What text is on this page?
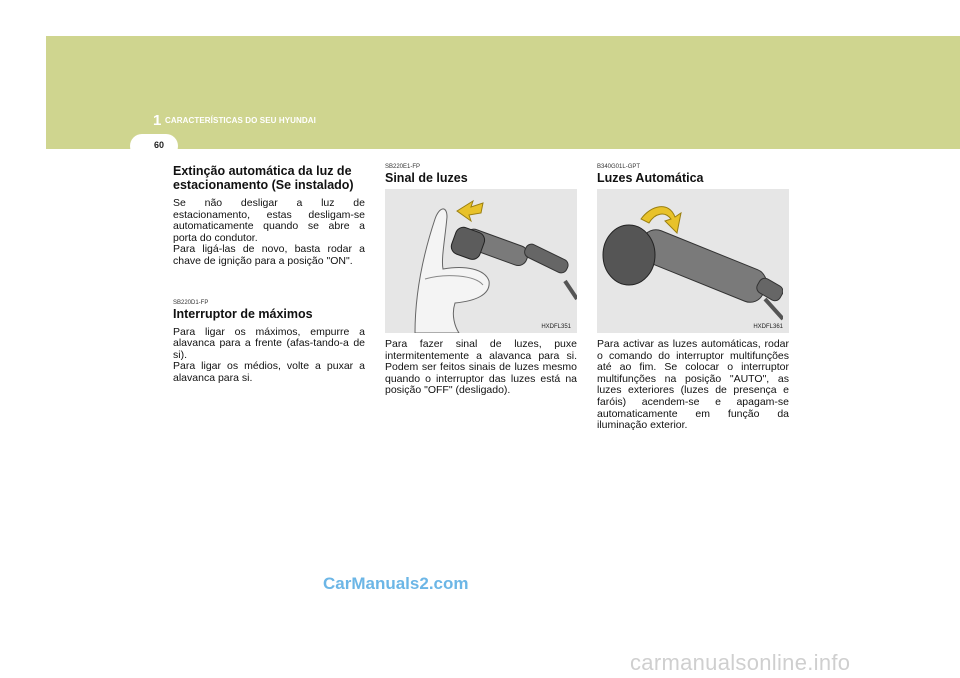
1 CARACTERÍSTICAS DO SEU HYUNDAI
60
Extinção automática da luz de estacionamento (Se instalado)
Se não desligar a luz de estacionamento, estas desligam-se automaticamente quando se abre a porta do condutor.
Para ligá-las de novo, basta rodar a chave de ignição para a posição "ON".
SB220D1-FP
Interruptor de máximos
Para ligar os máximos, empurre a alavanca para a frente (afas-tando-a de si).
Para ligar os médios, volte a puxar a alavanca para si.
SB220E1-FP
Sinal de luzes
HXDFL351
Para fazer sinal de luzes, puxe intermitentemente a alavanca para si. Podem ser feitos sinais de luzes mesmo quando o interruptor das luzes está na posição "OFF" (desligado).
B340G01L-GPT
Luzes Automática
HXDFL361
Para activar as luzes automáticas, rodar o comando do interruptor multifunções até ao fim. Se colocar o interruptor multifunções na posição "AUTO", as luzes exteriores (luzes de presença e faróis) acendem-se e apagam-se automaticamente em função da iluminação exterior.
CarManuals2.com
carmanualsonline.info
